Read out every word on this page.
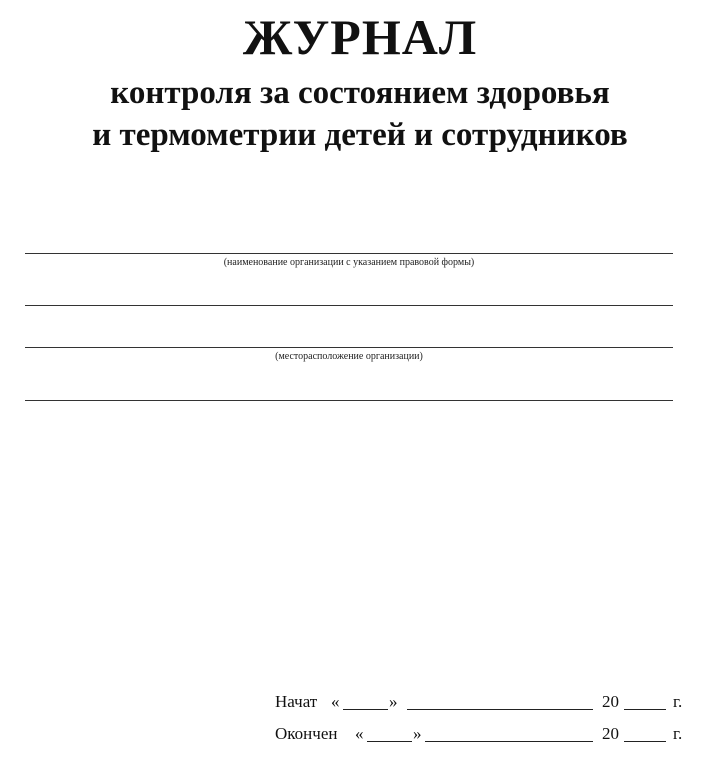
ЖУРНАЛ
контроля за состоянием здоровья
и термометрии детей и сотрудников
(наименование организации с указанием правовой формы)
(месторасположение организации)
Начат «	»	20	г.
Окончен «	»	20	г.
